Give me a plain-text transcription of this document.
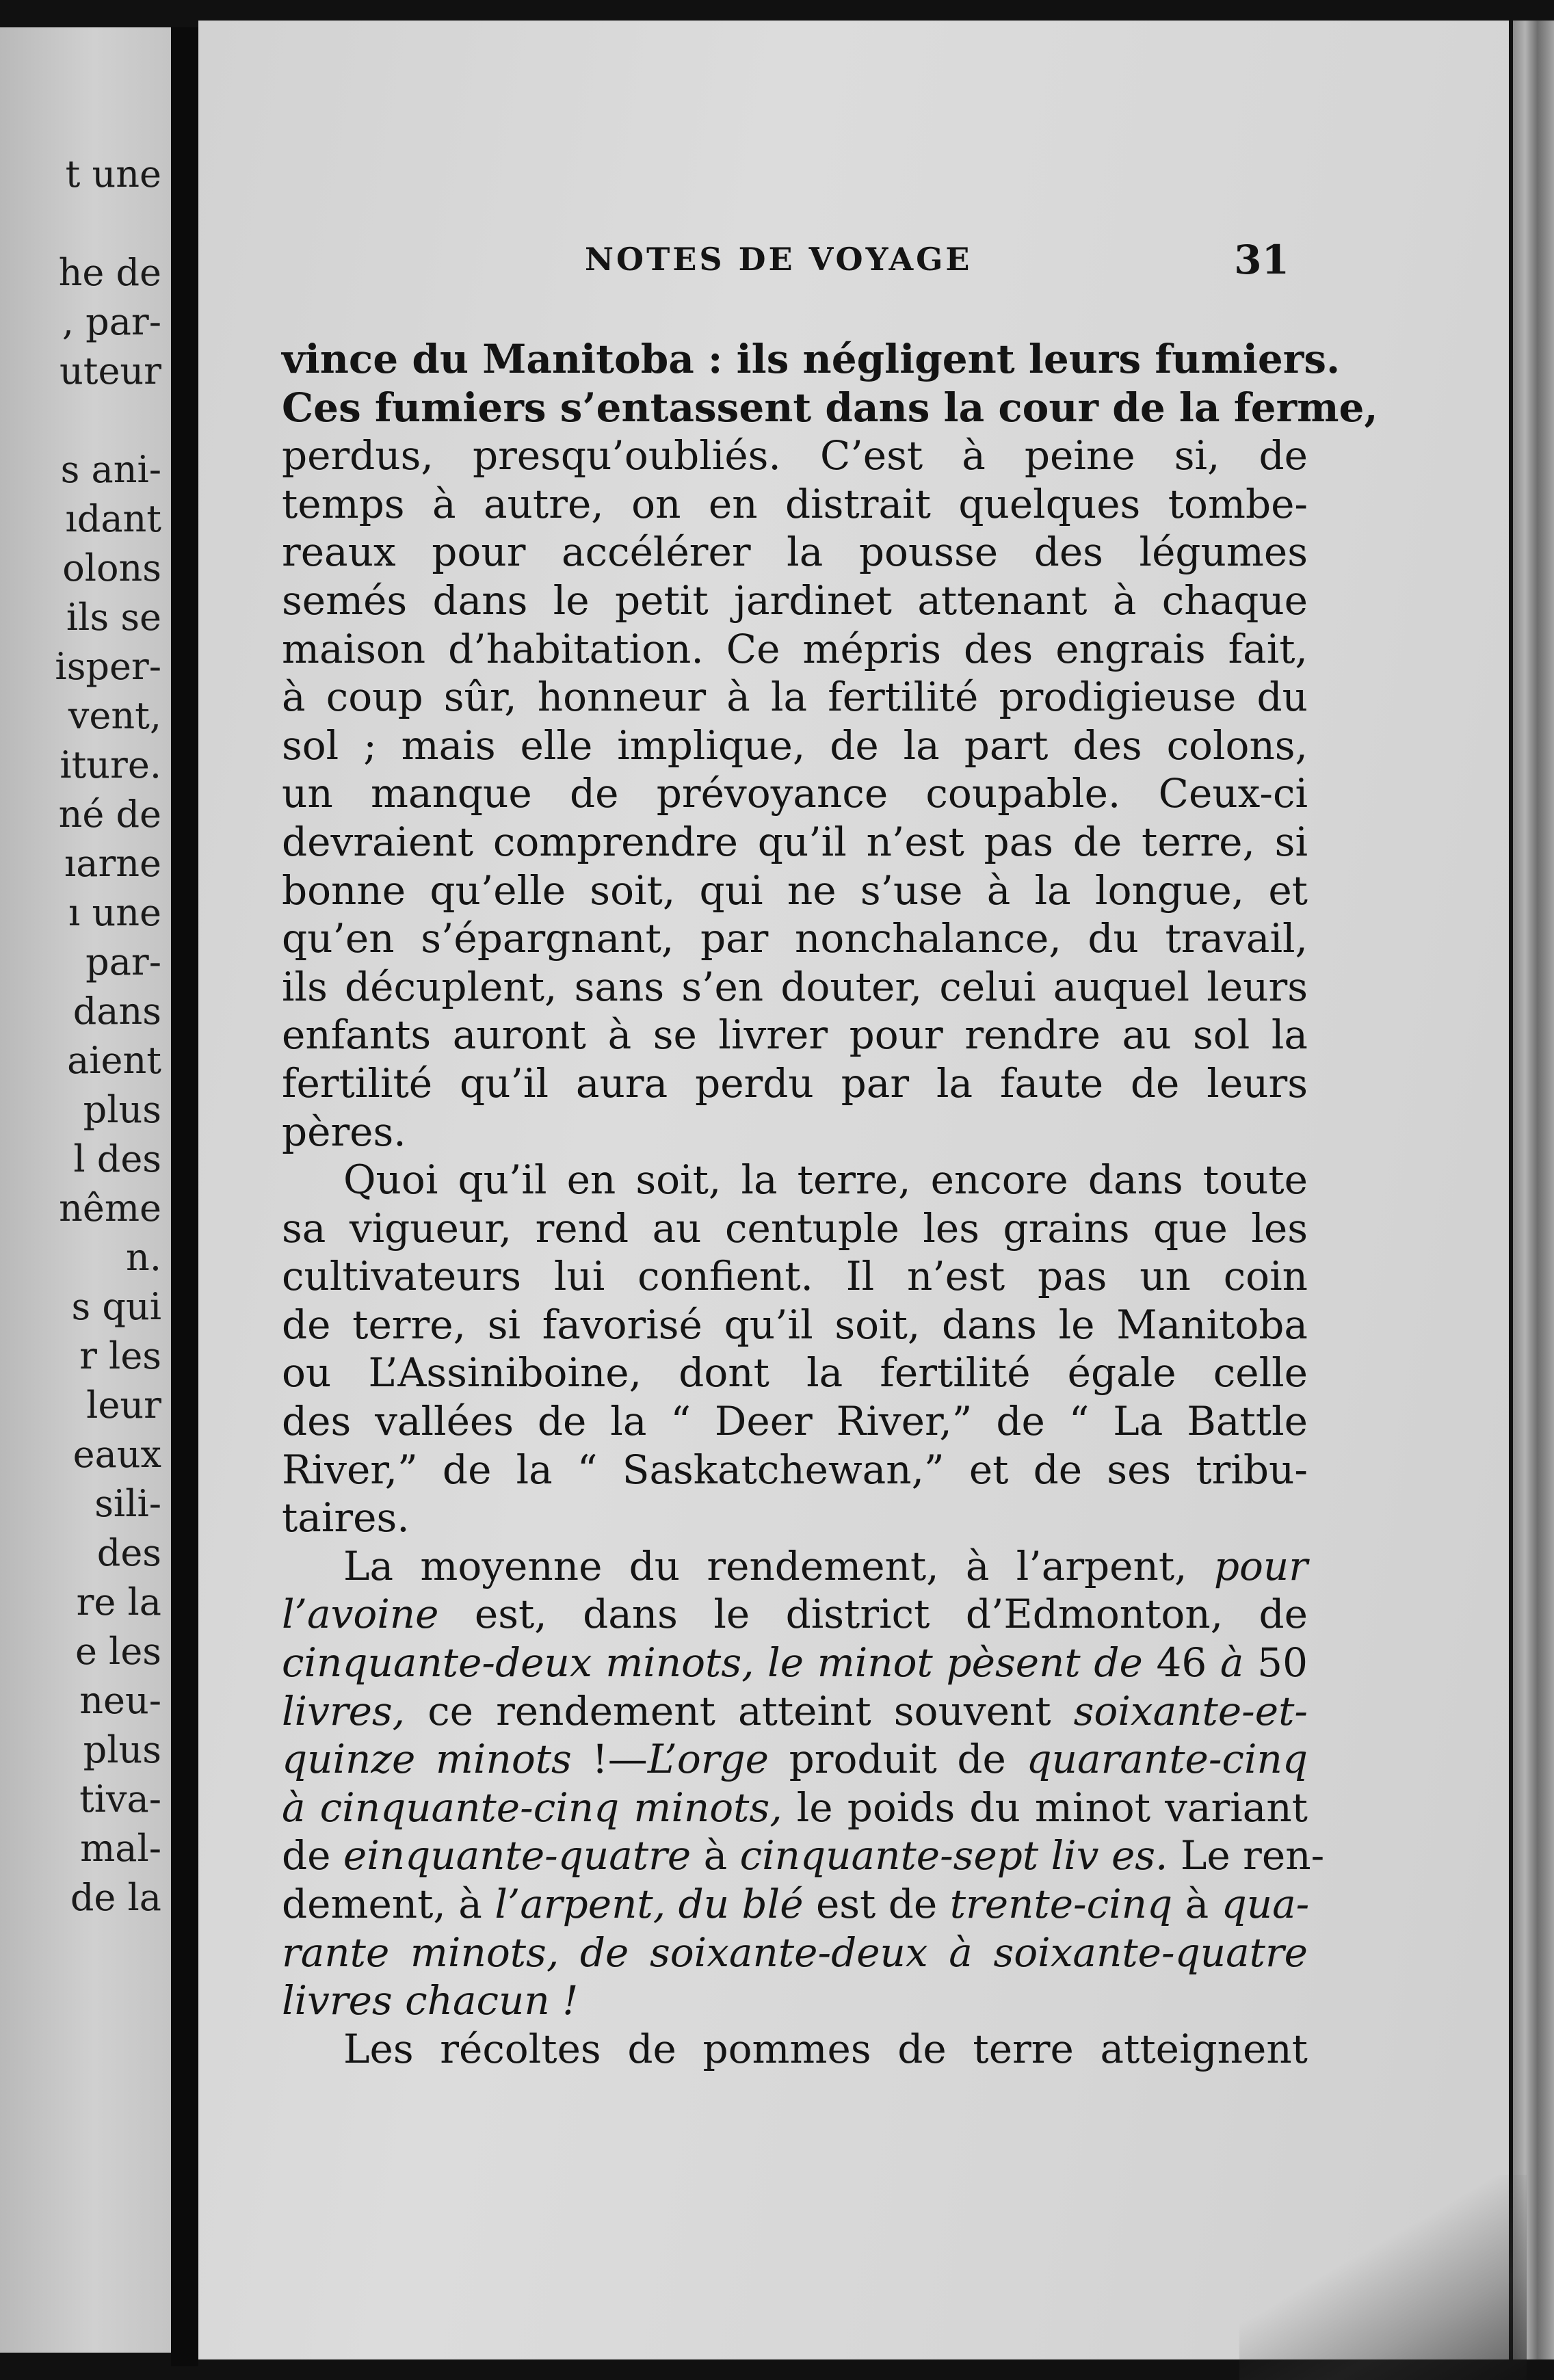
t une
he de
, par-
uteur
s ani-
ıdant
olons
ils se
isper-
vent,
iture.
né de
ıarne
ı une
par-
dans
aient
plus
l des
nême
n.
s qui
r les
leur
eaux
sili-
des
re la
e les
neu-
plus
tiva-
mal-
de la
NOTES DE VOYAGE	31
vince du Manitoba : ils négligent leurs fumiers.
Ces fumiers s’entassent dans la cour de la ferme,
perdus, presqu’oubliés. C’est à peine si, de
temps à autre, on en distrait quelques tombe-
reaux pour accélérer la pousse des légumes
semés dans le petit jardinet attenant à chaque
maison d’habitation. Ce mépris des engrais fait,
à coup sûr, honneur à la fertilité prodigieuse du
sol ; mais elle implique, de la part des colons,
un manque de prévoyance coupable. Ceux-ci
devraient comprendre qu’il n’est pas de terre, si
bonne qu’elle soit, qui ne s’use à la longue, et
qu’en s’épargnant, par nonchalance, du travail,
ils décuplent, sans s’en douter, celui auquel leurs
enfants auront à se livrer pour rendre au sol la
fertilité qu’il aura perdu par la faute de leurs
pères.
Quoi qu’il en soit, la terre, encore dans toute
sa vigueur, rend au centuple les grains que les
cultivateurs lui confient. Il n’est pas un coin
de terre, si favorisé qu’il soit, dans le Manitoba
ou L’Assiniboine, dont la fertilité égale celle
des vallées de la “ Deer River,” de “ La Battle
River,” de la “ Saskatchewan,” et de ses tribu-
taires.
La moyenne du rendement, à l’arpent, pour
l’avoine est, dans le district d’Edmonton, de
cinquante-deux minots, le minot pèsent de 46 à 50
livres, ce rendement atteint souvent soixante-et-
quinze minots !—L’orge produit de quarante-cinq
à cinquante-cinq minots, le poids du minot variant
de einquante-quatre à cinquante-sept liv es. Le ren-
dement, à l’arpent, du blé est de trente-cinq à qua-
rante minots, de soixante-deux à soixante-quatre
livres chacun !
Les récoltes de pommes de terre atteignent
